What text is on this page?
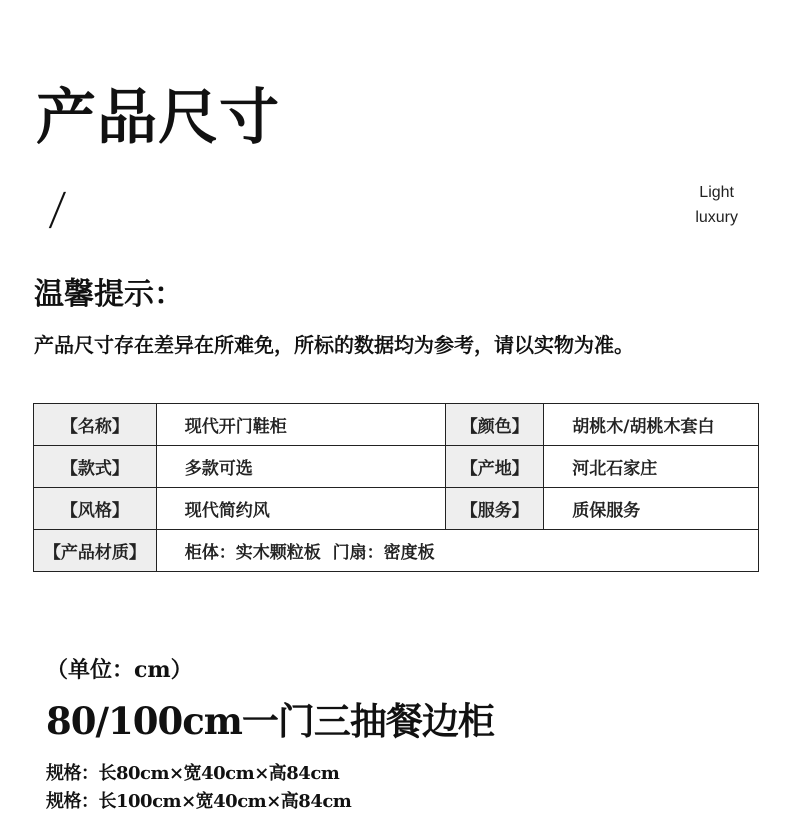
产品尺寸
/	Light
luxury
温馨提示：
产品尺寸存在差异在所难免，所标的数据均为参考，请以实物为准。
【名称】	现代开门鞋柜	【颜色】	胡桃木/胡桃木套白
【款式】	多款可选	【产地】	河北石家庄
【风格】	现代简约风	【服务】	质保服务
【产品材质】	柜体：实木颗粒板  门扇：密度板		
（单位：cm）
80/100cm一门三抽餐边柜
规格：长80cm×宽40cm×高84cm
规格：长100cm×宽40cm×高84cm
